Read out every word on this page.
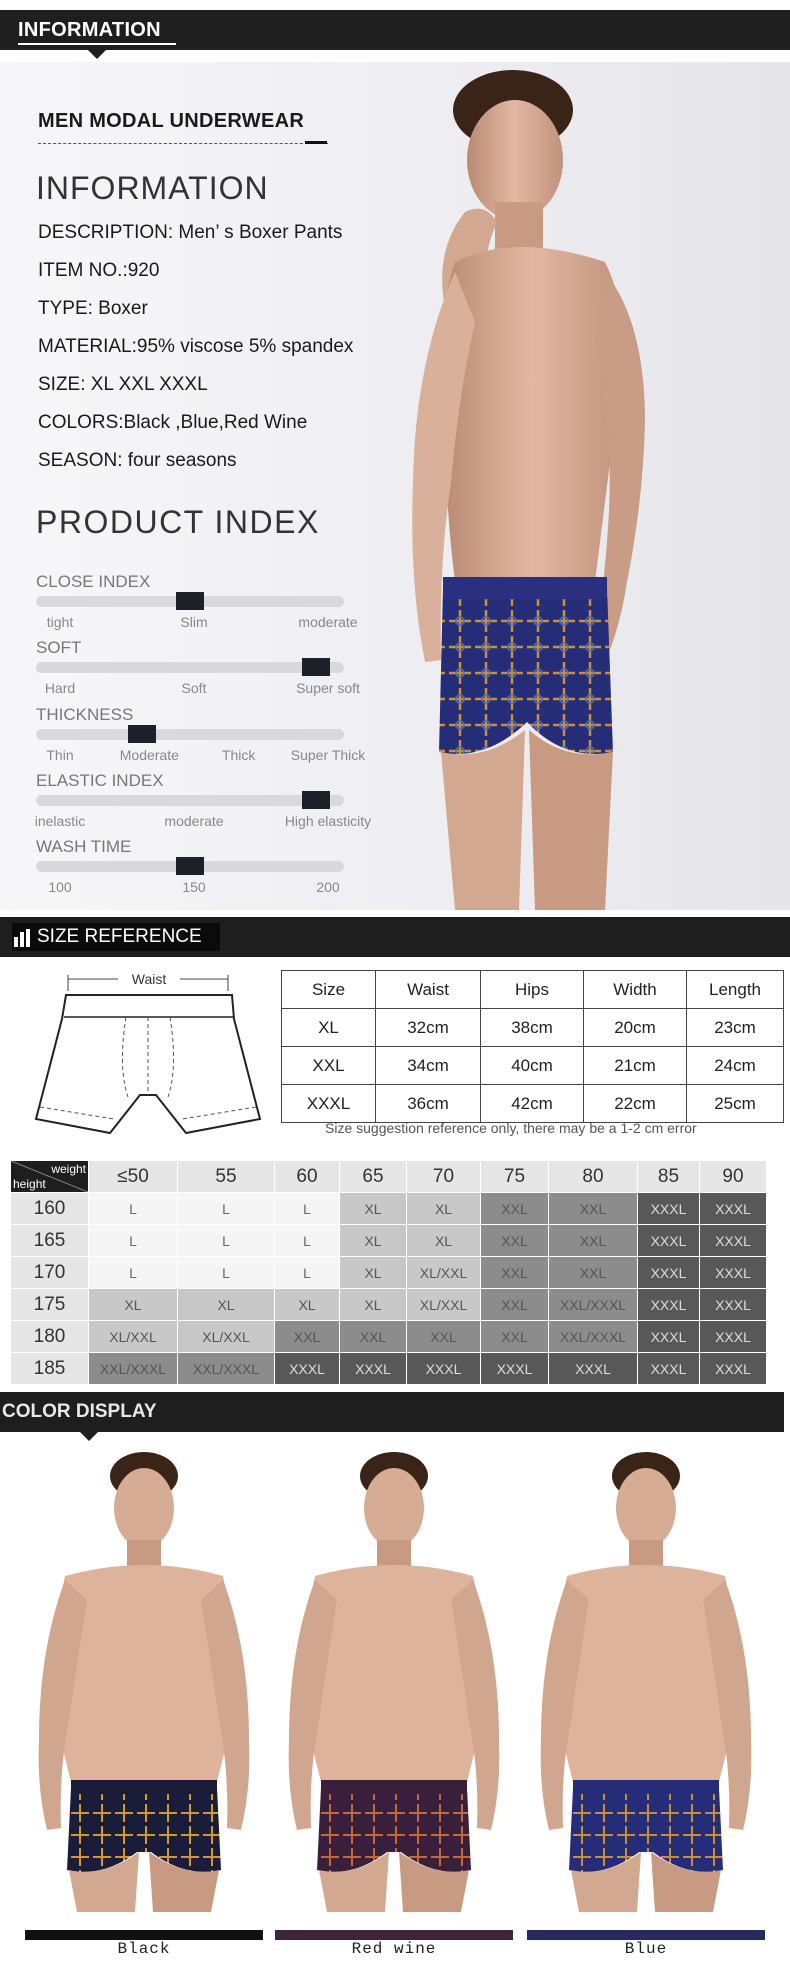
INFORMATION
MEN MODAL UNDERWEAR
INFORMATION
DESCRIPTION: Men’ s Boxer Pants
ITEM NO.:920
TYPE: Boxer
MATERIAL:95% viscose 5% spandex
SIZE: XL XXL XXXL
COLORS:Black ,Blue,Red Wine
SEASON: four seasons
PRODUCT INDEX
CLOSE INDEX
tight	Slim	moderate
SOFT
Hard	Soft	Super soft
THICKNESS
Thin	Moderate	Thick	Super Thick
ELASTIC INDEX
inelastic	moderate	High elasticity
WASH TIME
100	150	200
SIZE REFERENCE
Waist
Size	Waist	Hips	Width	Length
XL	32cm	38cm	20cm	23cm
XXL	34cm	40cm	21cm	24cm
XXXL	36cm	42cm	22cm	25cm
Size suggestion reference only, there may be a 1-2 cm error
weight
height	≤50	55	60	65	70	75	80	85	90
160	L	L	L	XL	XL	XXL	XXL	XXXL	XXXL
165	L	L	L	XL	XL	XXL	XXL	XXXL	XXXL
170	L	L	L	XL	XL/XXL	XXL	XXL	XXXL	XXXL
175	XL	XL	XL	XL	XL/XXL	XXL	XXL/XXXL	XXXL	XXXL
180	XL/XXL	XL/XXL	XXL	XXL	XXL	XXL	XXL/XXXL	XXXL	XXXL
185	XXL/XXXL	XXL/XXXL	XXXL	XXXL	XXXL	XXXL	XXXL	XXXL	XXXL
COLOR DISPLAY
Black	Red wine	Blue
